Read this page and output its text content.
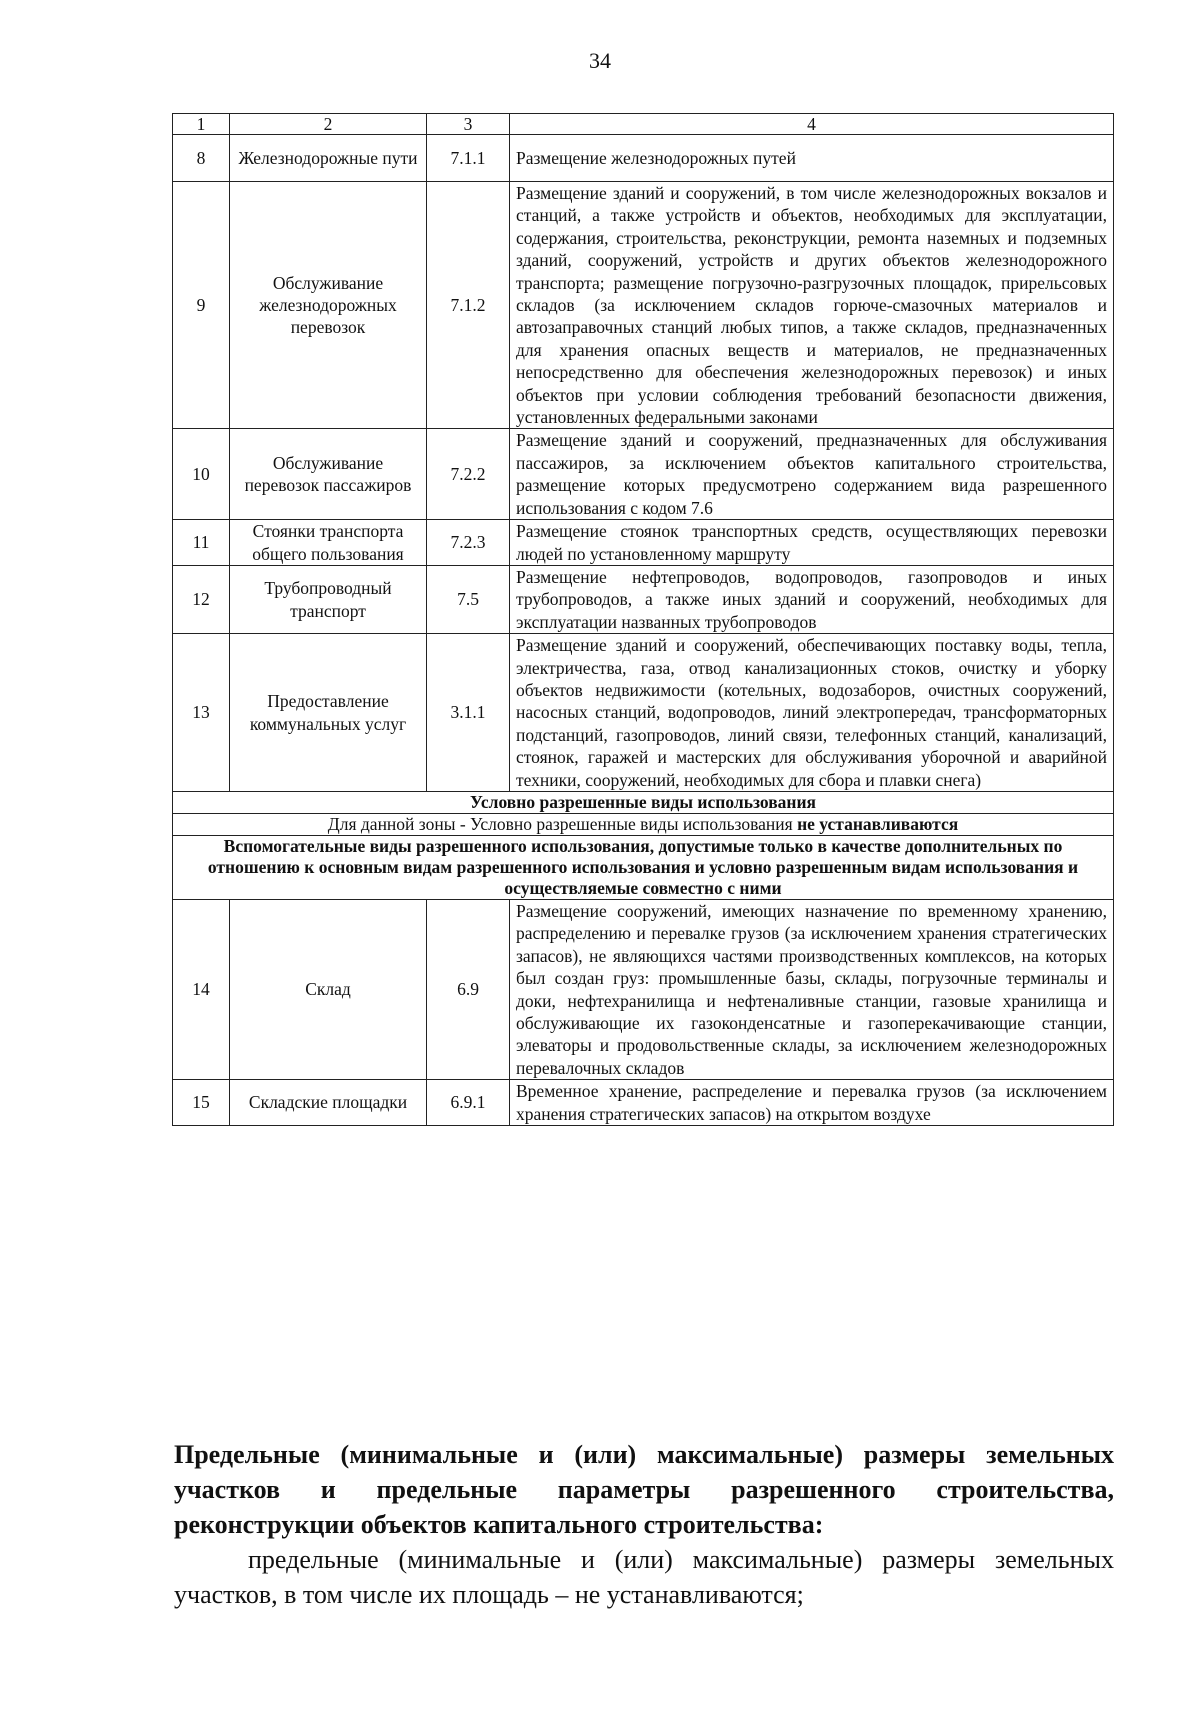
34
1	2	3	4
8	Железнодорожные пути	7.1.1	Размещение железнодорожных путей
9	Обслуживание железнодорожных перевозок	7.1.2	Размещение зданий и сооружений, в том числе железнодорожных вокзалов и станций, а также устройств и объектов, необходимых для эксплуатации, содержания, строительства, реконструкции, ремонта наземных и подземных зданий, сооружений, устройств и других объектов железнодорожного транспорта; размещение погрузочно-разгрузочных площадок, прирельсовых складов (за исключением складов горюче-смазочных материалов и автозаправочных станций любых типов, а также складов, предназначенных для хранения опасных веществ и материалов, не предназначенных непосредственно для обеспечения железнодорожных перевозок) и иных объектов при условии соблюдения требований безопасности движения, установленных федеральными законами
10	Обслуживание перевозок пассажиров	7.2.2	Размещение зданий и сооружений, предназначенных для обслуживания пассажиров, за исключением объектов капитального строительства, размещение которых предусмотрено содержанием вида разрешенного использования с кодом 7.6
11	Стоянки транспорта общего пользования	7.2.3	Размещение стоянок транспортных средств, осуществляющих перевозки людей по установленному маршруту
12	Трубопроводный транспорт	7.5	Размещение нефтепроводов, водопроводов, газопроводов и иных трубопроводов, а также иных зданий и сооружений, необходимых для эксплуатации названных трубопроводов
13	Предоставление коммунальных услуг	3.1.1	Размещение зданий и сооружений, обеспечивающих поставку воды, тепла, электричества, газа, отвод канализационных стоков, очистку и уборку объектов недвижимости (котельных, водозаборов, очистных сооружений, насосных станций, водопроводов, линий электропередач, трансформаторных подстанций, газопроводов, линий связи, телефонных станций, канализаций, стоянок, гаражей и мастерских для обслуживания уборочной и аварийной техники, сооружений, необходимых для сбора и плавки снега)
Условно разрешенные виды использования			
Для данной зоны - Условно разрешенные виды использования не устанавливаются			
Вспомогательные виды разрешенного использования, допустимые только в качестве дополнительных по отношению к основным видам разрешенного использования и условно разрешенным видам использования и осуществляемые совместно с ними			
14	Склад	6.9	Размещение сооружений, имеющих назначение по временному хранению, распределению и перевалке грузов (за исключением хранения стратегических запасов), не являющихся частями производственных комплексов, на которых был создан груз: промышленные базы, склады, погрузочные терминалы и доки, нефтехранилища и нефтеналивные станции, газовые хранилища и обслуживающие их газоконденсатные и газоперекачивающие станции, элеваторы и продовольственные склады, за исключением железнодорожных перевалочных складов
15	Складские площадки	6.9.1	Временное хранение, распределение и перевалка грузов (за исключением хранения стратегических запасов) на открытом воздухе

Предельные (минимальные и (или) максимальные) размеры земельных участков и предельные параметры разрешенного строительства, реконструкции объектов капитального строительства:

предельные (минимальные и (или) максимальные) размеры земельных участков, в том числе их площадь – не устанавливаются;
